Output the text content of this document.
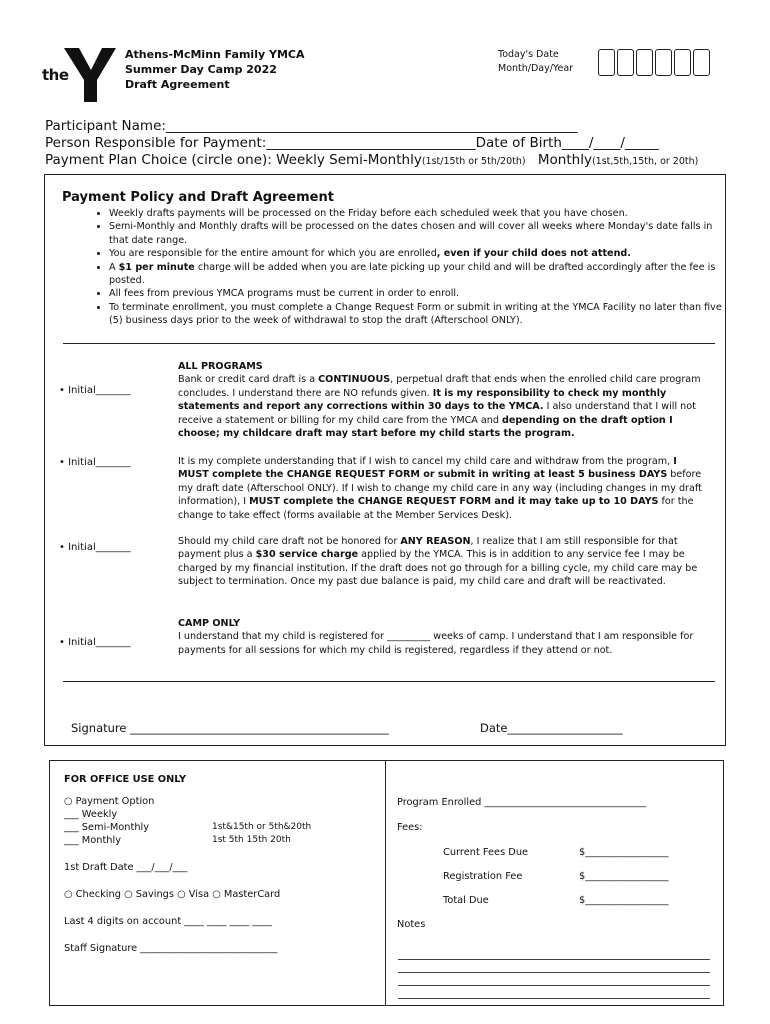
the
YMCA
Athens-McMinn Family YMCA
Summer Day Camp 2022
Draft Agreement
Today's Date
Month/Day/Year
Participant Name:_____________________________________________________________
Person Responsible for Payment:_______________________________Date of Birth____/____/_____
Payment Plan Choice (circle one): Weekly Semi-Monthly(1st/15th or 5th/20th) Monthly(1st,5th,15th, or 20th)
Payment Policy and Draft Agreement
• Weekly drafts payments will be processed on the Friday before each scheduled week that you have chosen.
• Semi-Monthly and Monthly drafts will be processed on the dates chosen and will cover all weeks where Monday's date falls in that date range.
• You are responsible for the entire amount for which you are enrolled, even if your child does not attend.
• A $1 per minute charge will be added when you are late picking up your child and will be drafted accordingly after the fee is posted.
• All fees from previous YMCA programs must be current in order to enroll.
• To terminate enrollment, you must complete a Change Request Form or submit in writing at the YMCA Facility no later than five (5) business days prior to the week of withdrawal to stop the draft (Afterschool ONLY).
• Initial_______
ALL PROGRAMS
Bank or credit card draft is a CONTINUOUS, perpetual draft that ends when the enrolled child care program concludes. I understand there are NO refunds given. It is my responsibility to check my monthly statements and report any corrections within 30 days to the YMCA. I also understand that I will not receive a statement or billing for my child care from the YMCA and depending on the draft option I choose; my childcare draft may start before my child starts the program.
• Initial_______	It is my complete understanding that if I wish to cancel my child care and withdraw from the program, I MUST complete the CHANGE REQUEST FORM or submit in writing at least 5 business DAYS before my draft date (Afterschool ONLY). If I wish to change my child care in any way (including changes in my draft information), I MUST complete the CHANGE REQUEST FORM and it may take up to 10 DAYS for the change to take effect (forms available at the Member Services Desk).
• Initial_______
Should my child care draft not be honored for ANY REASON, I realize that I am still responsible for that payment plus a $30 service charge applied by the YMCA. This is in addition to any service fee I may be charged by my financial institution. If the draft does not go through for a billing cycle, my child care may be subject to termination. Once my past due balance is paid, my child care and draft will be reactivated.
• Initial_______
CAMP ONLY
I understand that my child is registered for _________ weeks of camp. I understand that I am responsible for payments for all sessions for which my child is registered, regardless if they attend or not.
Signature _____________________________________________	Date____________________
FOR OFFICE USE ONLY
○ Payment Option
___ Weekly
___ Semi-Monthly	1st&15th or 5th&20th
___ Monthly	1st 5th 15th 20th
1st Draft Date ___/___/___
○ Checking ○ Savings ○ Visa ○ MasterCard
Last 4 digits on account ____ ____ ____ ____
Staff Signature ____________________________
Program Enrolled _________________________________
Fees:
Current Fees Due	$_________________
Registration Fee	$_________________
Total Due	$_________________
Notes
